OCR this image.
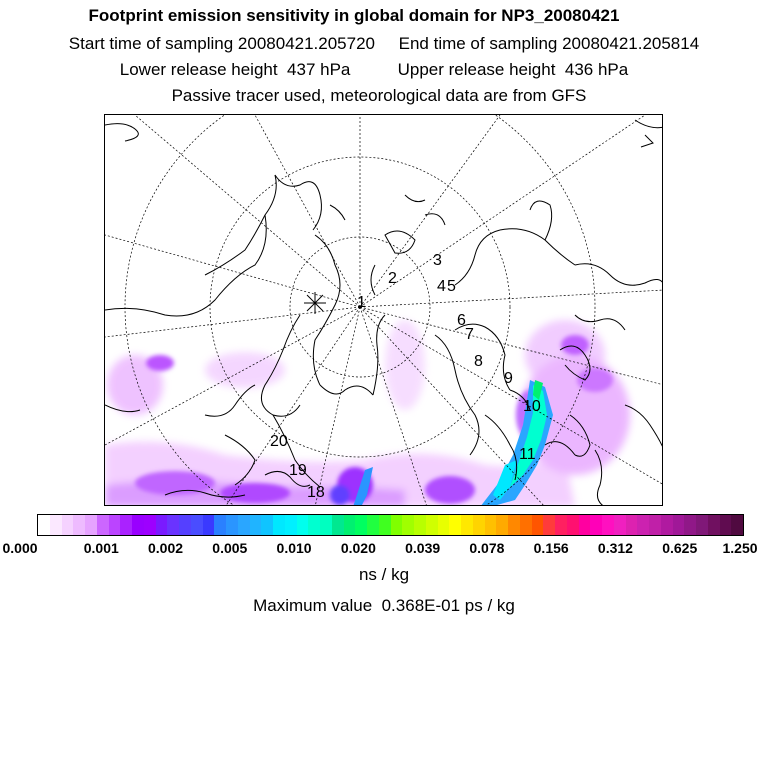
Footprint emission sensitivity in global domain for NP3_20080421
Start time of sampling 20080421.205720     End time of sampling 20080421.205814
Lower release height  437 hPa          Upper release height  436 hPa
Passive tracer used, meteorological data are from GFS
1
2
3
4 5
6
7
8
9
10
11
18
19
20
0.000	0.001 0.002 0.005 0.010 0.020 0.039 0.078 0.156 0.312 0.625 1.250
ns / kg
Maximum value  0.368E-01 ps / kg
